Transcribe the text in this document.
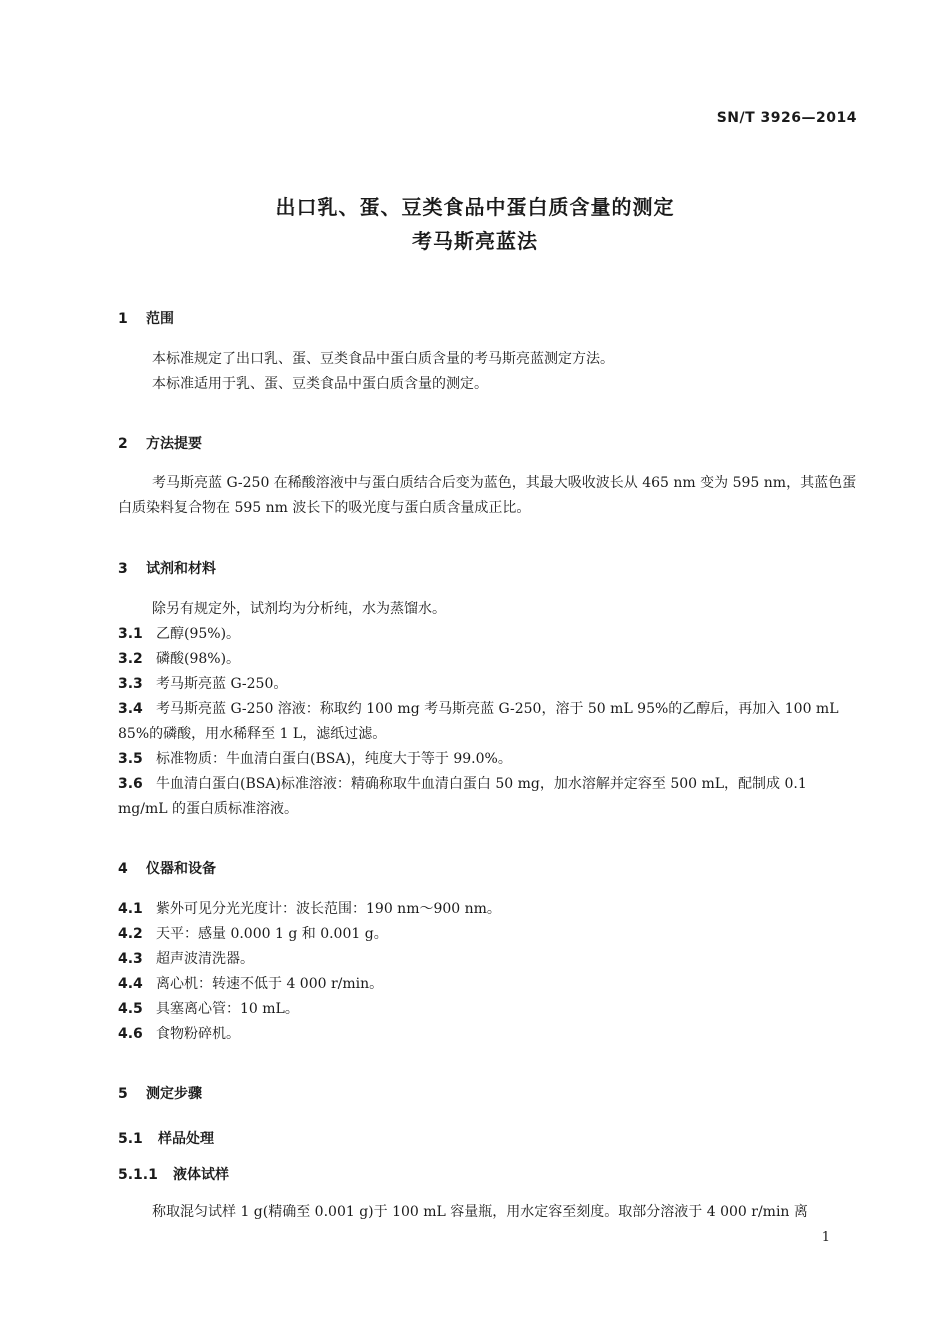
SN/T 3926—2014
出口乳、蛋、豆类食品中蛋白质含量的测定
考马斯亮蓝法
1 范围
本标准规定了出口乳、蛋、豆类食品中蛋白质含量的考马斯亮蓝测定方法。
本标准适用于乳、蛋、豆类食品中蛋白质含量的测定。
2 方法提要
考马斯亮蓝 G-250 在稀酸溶液中与蛋白质结合后变为蓝色，其最大吸收波长从 465 nm 变为 595 nm，其蓝色蛋白质染料复合物在 595 nm 波长下的吸光度与蛋白质含量成正比。
3 试剂和材料
除另有规定外，试剂均为分析纯，水为蒸馏水。
3.1 乙醇(95%)。
3.2 磷酸(98%)。
3.3 考马斯亮蓝 G-250。
3.4 考马斯亮蓝 G-250 溶液：称取约 100 mg 考马斯亮蓝 G-250，溶于 50 mL 95%的乙醇后，再加入 100 mL 85%的磷酸，用水稀释至 1 L，滤纸过滤。
3.5 标准物质：牛血清白蛋白(BSA)，纯度大于等于 99.0%。
3.6 牛血清白蛋白(BSA)标准溶液：精确称取牛血清白蛋白 50 mg，加水溶解并定容至 500 mL，配制成 0.1 mg/mL 的蛋白质标准溶液。
4 仪器和设备
4.1 紫外可见分光光度计：波长范围：190 nm～900 nm。
4.2 天平：感量 0.000 1 g 和 0.001 g。
4.3 超声波清洗器。
4.4 离心机：转速不低于 4 000 r/min。
4.5 具塞离心管：10 mL。
4.6 食物粉碎机。
5 测定步骤
5.1 样品处理
5.1.1 液体试样
称取混匀试样 1 g(精确至 0.001 g)于 100 mL 容量瓶，用水定容至刻度。取部分溶液于 4 000 r/min 离
1
